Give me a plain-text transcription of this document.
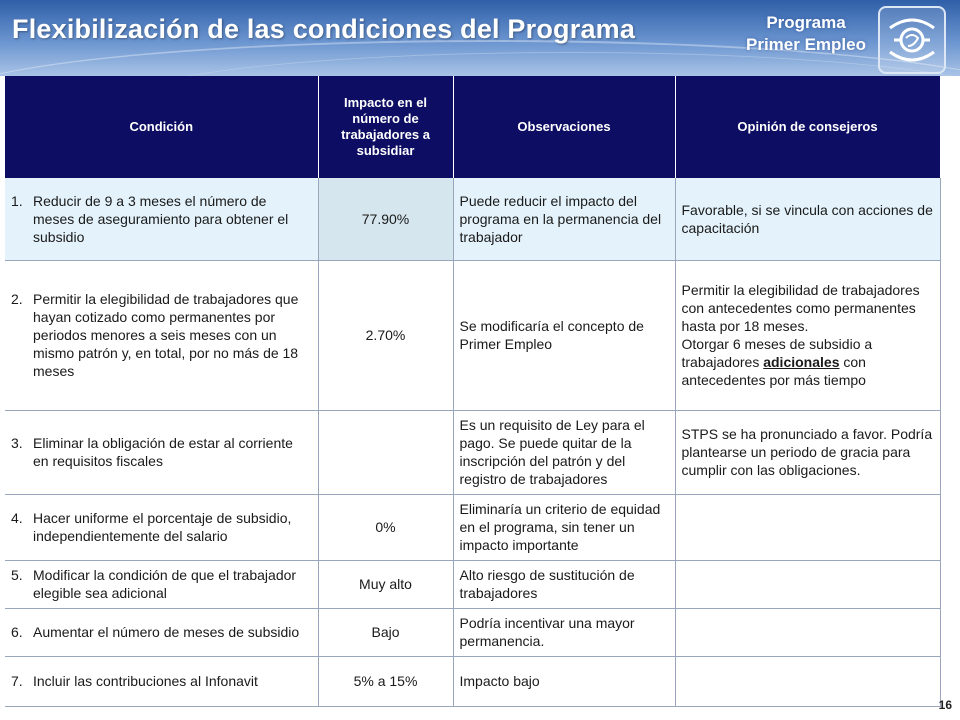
Flexibilización de las condiciones del Programa	Programa
Primer Empleo
Condición	Impacto en el número de trabajadores a subsidiar	Observaciones	Opinión de consejeros

1. Reducir de 9 a 3 meses el número de meses de aseguramiento para obtener el subsidio	77.90%	Puede reducir el impacto del programa en la permanencia del trabajador	Favorable, si se vincula con acciones de capacitación

2. Permitir la elegibilidad de trabajadores que hayan cotizado como permanentes por periodos menores a seis meses con un mismo patrón y, en total, por no más de 18 meses	2.70%	Se modificaría el concepto de Primer Empleo	Permitir la elegibilidad de trabajadores con antecedentes como permanentes hasta por 18 meses.
Otorgar 6 meses de subsidio a trabajadores adicionales con antecedentes por más tiempo

3. Eliminar la obligación de estar al corriente en requisitos fiscales		Es un requisito de Ley para el pago. Se puede quitar de la inscripción del patrón y del registro de trabajadores	STPS se ha pronunciado a favor. Podría plantearse un periodo de gracia para cumplir con las obligaciones.

4. Hacer uniforme el porcentaje de subsidio, independientemente del salario	0%	Eliminaría un criterio de equidad en el programa, sin tener un impacto importante	

5. Modificar la condición de que el trabajador elegible sea adicional	Muy alto	Alto riesgo de sustitución de trabajadores	

6. Aumentar el número de meses de subsidio	Bajo	Podría incentivar una mayor permanencia.	

7. Incluir las contribuciones al Infonavit	5% a 15%	Impacto bajo	
16
